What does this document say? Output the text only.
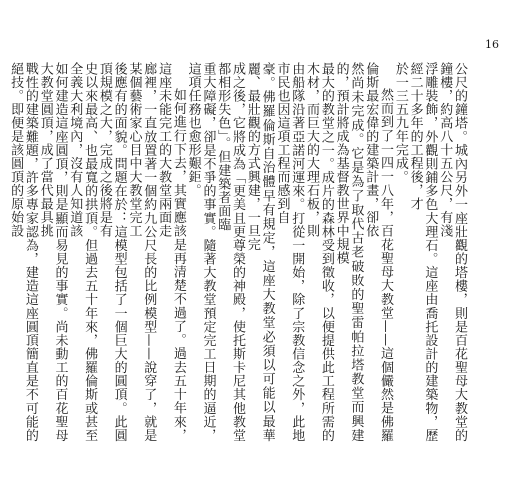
16

公尺的鐘塔。城內另外一座壯觀的塔樓，則是百花聖母大教堂的鐘樓，約高八十五公尺，有淺

浮雕裝飾，外觀則鋪多色大理石。這座由喬托設計的建築物，歷經二十多年的工程後，才

於一三五九年完成。

然而到了一四一八年，百花聖母大教堂——這個儼然是佛羅倫斯最宏偉的建築計畫，卻依

然尚未完成。它是為了取代古老破敗的聖雷帕拉塔教堂而興建的，預計將成為基督教世界中規模

最大的教堂之一。成片的森林受到徵收，以便提供此工程所需的木材，而巨大的大理石板，則

由船隊沿著亞諾河運來。打從一開始，除了宗教信念之外，此地市民也因這項工程而感到自

豪。佛羅倫斯自治體早有規定，這座大教堂必須以可能以最華麗、最壯觀的方式興建，一旦完

成之後，它將成為「更美且更尊榮的神殿，使托斯卡尼其他教堂都相形失色」。但建築者面臨

重大障礙，卻是不爭的事實。隨著大教堂預定完工日期的逼近，這項任務也愈形艱鉅。

如何進行下去，其實應該是再清楚不過了。過去五十年來，這座未能完工的大教堂兩面走

廊裡，一直放置著一個約九公尺長的比例模型——說穿了，就是某個藝術家心目中大教堂完工

後應有的面貌。問題在於：這模型包括了一個巨大的圓頂。此圓頂規模之大，完成之後將是有

史以來最高、也最寬的拱頂。但過去五十年來，佛羅倫斯或甚至全義大利境內，沒有人知道該

如何建造這座圓頂，則是顯而易見的事實。尚未動工的百花聖母大教堂圓頂，成了當代最具挑

戰性的建築難題，許多專家認為，建造這座圓頂簡直是不可能的絕技。即便是該圓頂的原始設
